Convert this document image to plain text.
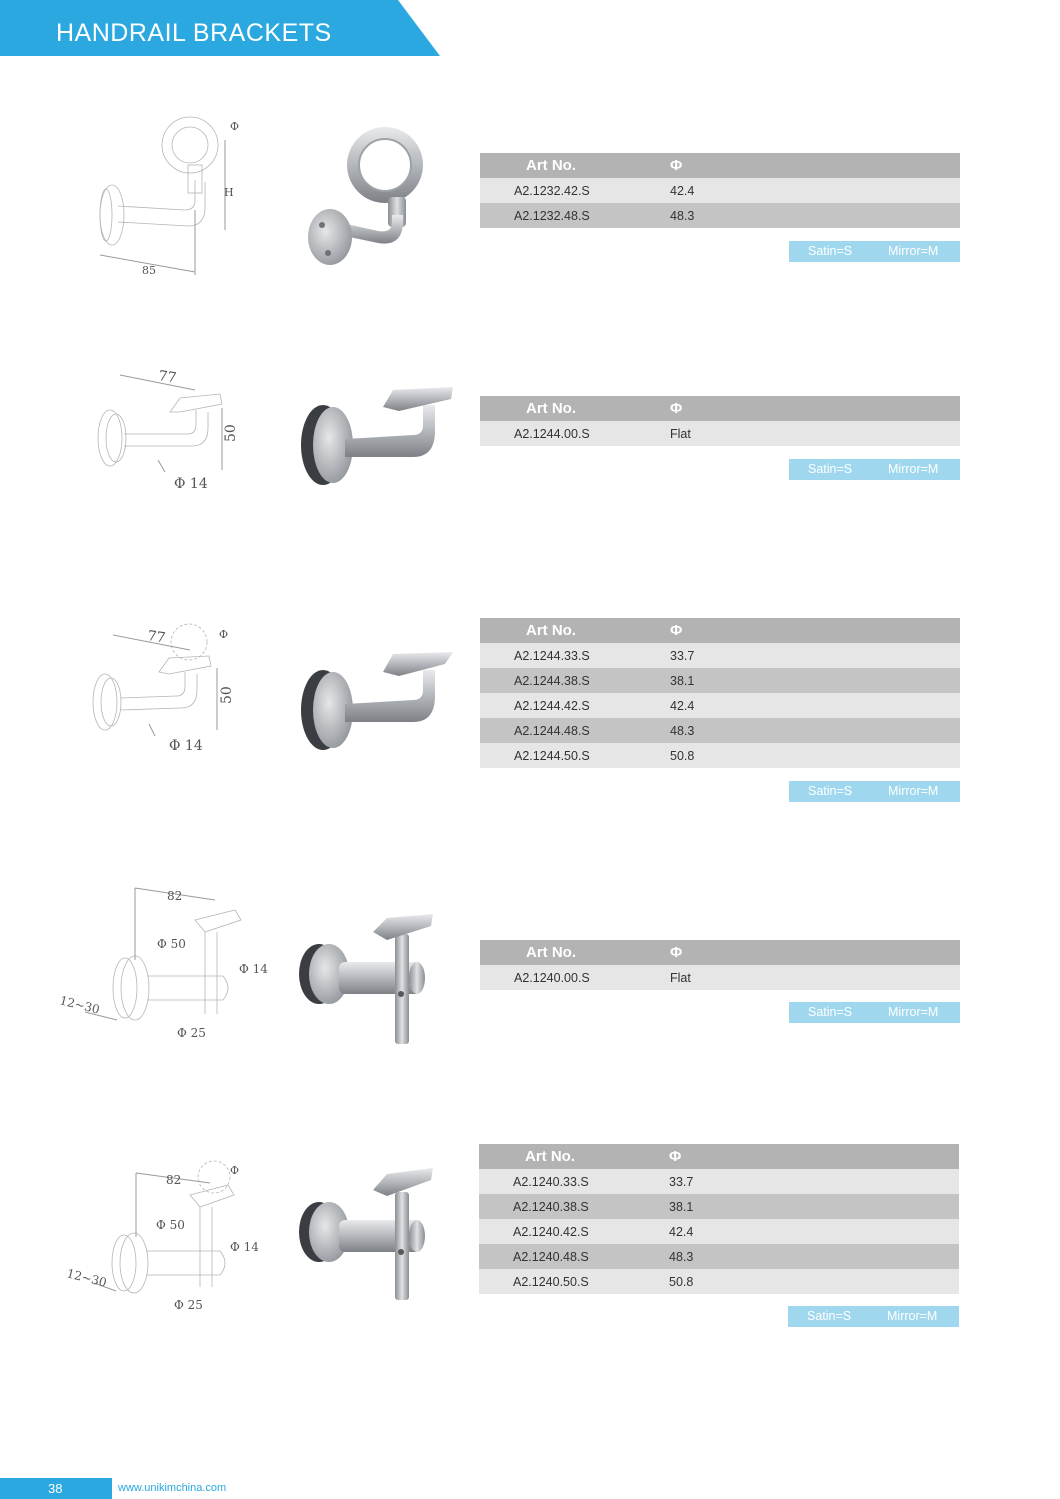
HANDRAIL BRACKETS
Φ
H
85
Art No.	Φ
A2.1232.42.S	42.4
A2.1232.48.S	48.3
Satin=S	Mirror=M
77
50
Φ 14
Art No.	Φ
A2.1244.00.S	Flat
Satin=S	Mirror=M
77	Φ
50
Φ 14
Art No.	Φ
A2.1244.33.S	33.7
A2.1244.38.S	38.1
A2.1244.42.S	42.4
A2.1244.48.S	48.3
A2.1244.50.S	50.8
Satin=S	Mirror=M
82
Φ 50
Φ 14
12~30
Φ 25
Art No.	Φ
A2.1240.00.S	Flat
Satin=S	Mirror=M
82
Φ
Φ 50
Φ 14
12~30
Φ 25
Art No.	Φ
A2.1240.33.S	33.7
A2.1240.38.S	38.1
A2.1240.42.S	42.4
A2.1240.48.S	48.3
A2.1240.50.S	50.8
Satin=S	Mirror=M
38	www.unikimchina.com
